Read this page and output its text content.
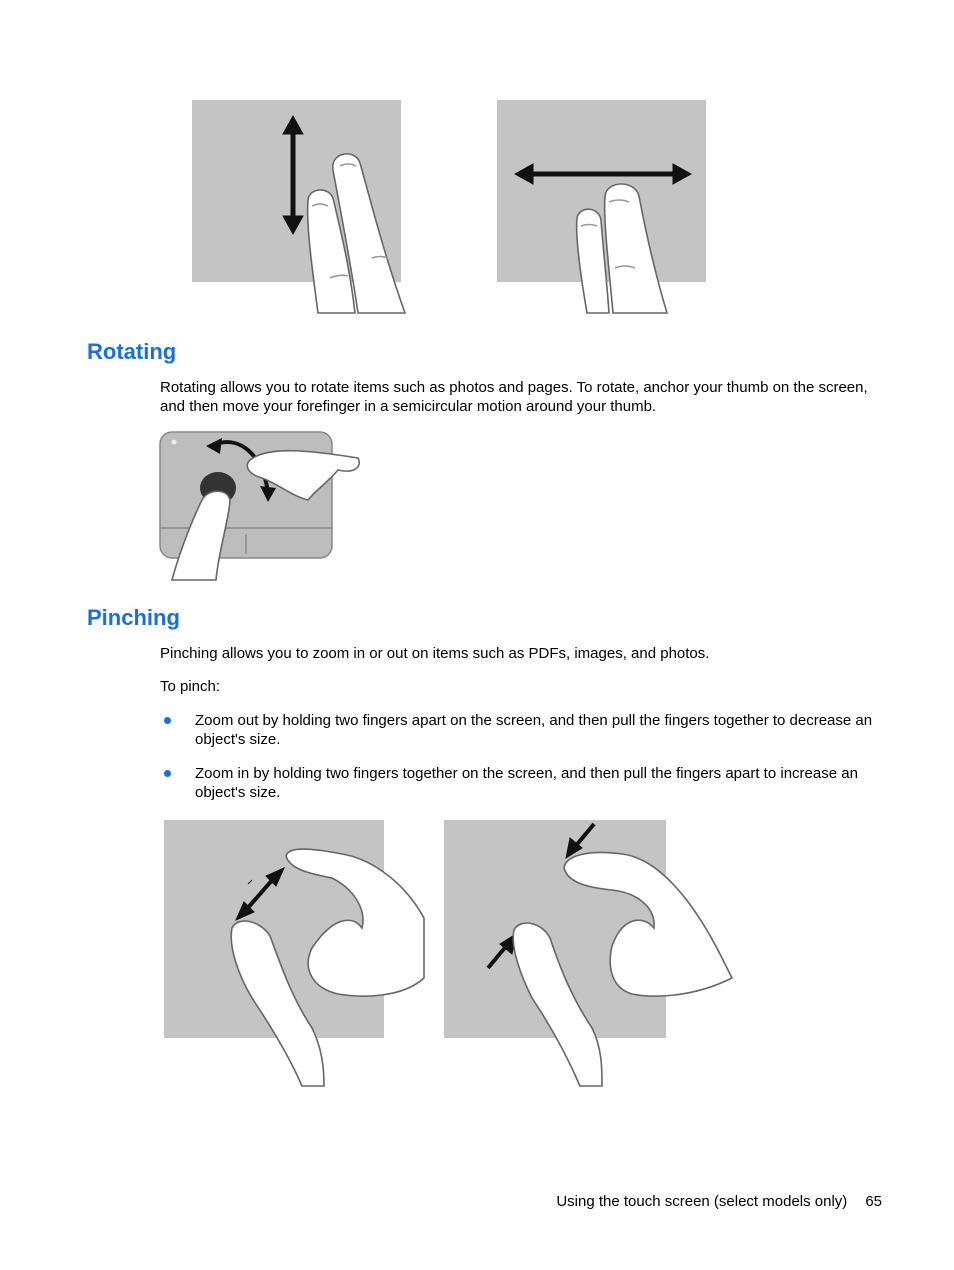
Rotating

Rotating allows you to rotate items such as photos and pages. To rotate, anchor your thumb on the screen, and then move your forefinger in a semicircular motion around your thumb.

Pinching

Pinching allows you to zoom in or out on items such as PDFs, images, and photos.

To pinch:

Zoom out by holding two fingers apart on the screen, and then pull the fingers together to decrease an object's size.
Zoom in by holding two fingers together on the screen, and then pull the fingers apart to increase an object's size.
Using the touch screen (select models only) 65
